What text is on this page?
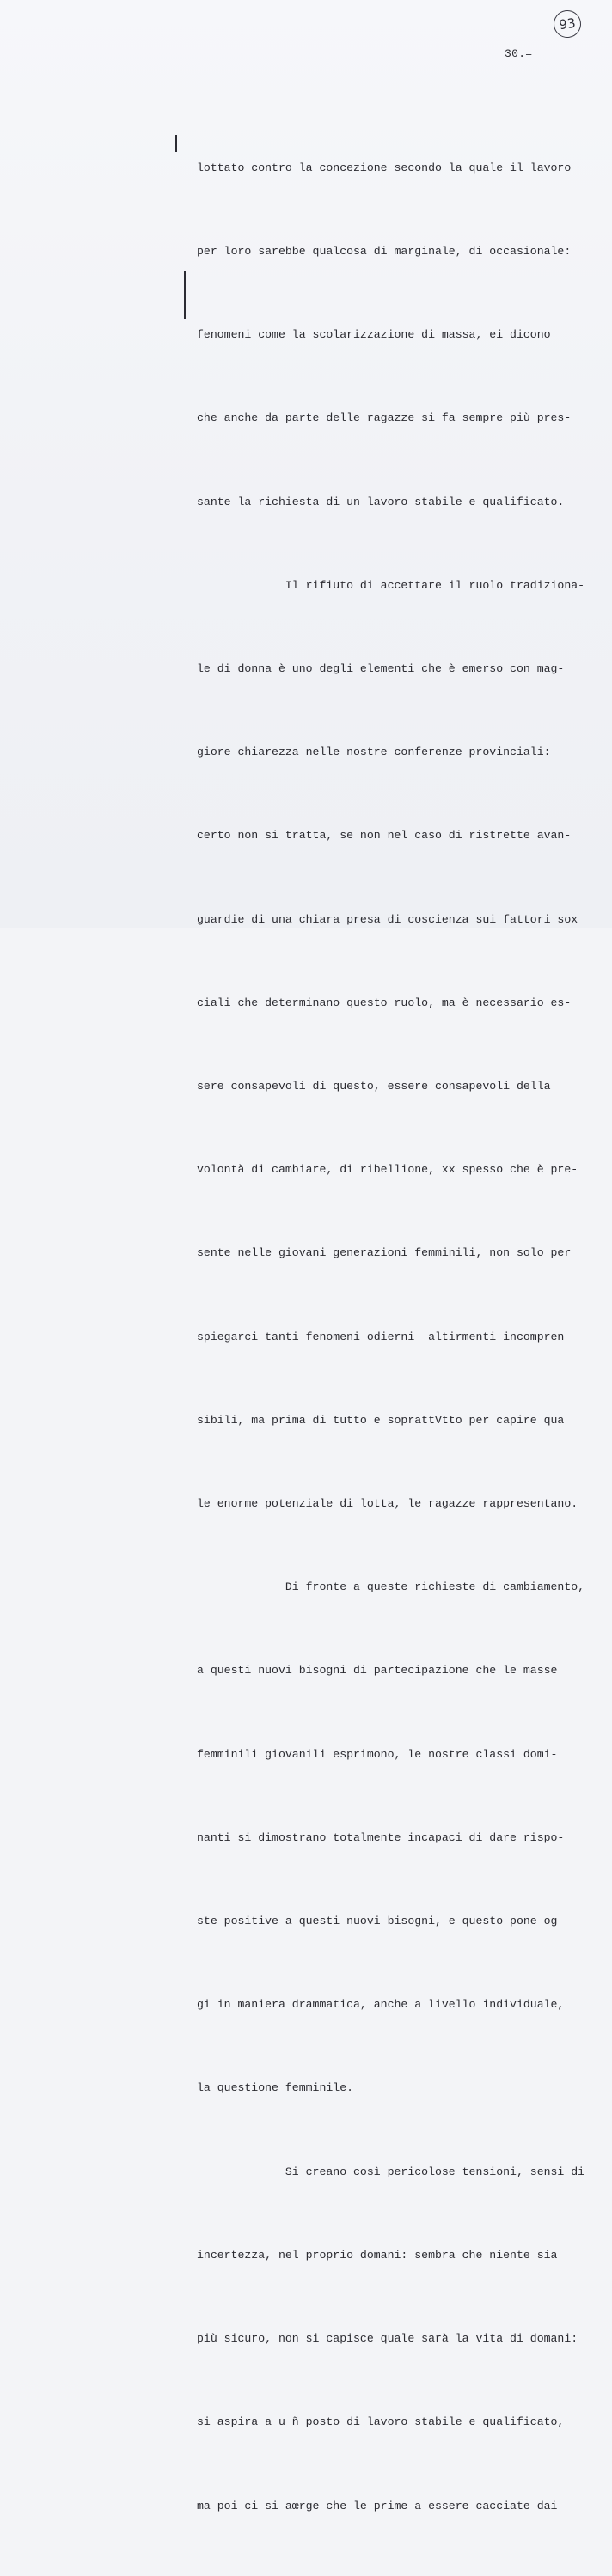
93
30.=

lottato contro la concezione secondo la quale il lavoro

per loro sarebbe qualcosa di marginale, di occasionale:

fenomeni come la scolarizzazione di massa, ei dicono

che anche da parte delle ragazze si fa sempre più pres-

sante la richiesta di un lavoro stabile e qualificato.

Il rifiuto di accettare il ruolo tradiziona-

le di donna è uno degli elementi che è emerso con mag-

giore chiarezza nelle nostre conferenze provinciali:

certo non si tratta, se non nel caso di ristrette avan-

guardie di una chiara presa di coscienza sui fattori sox

ciali che determinano questo ruolo, ma è necessario es-

sere consapevoli di questo, essere consapevoli della

volontà di cambiare, di ribellione, xx spesso che è pre-

sente nelle giovani generazioni femminili, non solo per

spiegarci tanti fenomeni odierni  altirmenti incompren-

sibili, ma prima di tutto e soprattVtto per capire qua

le enorme potenziale di lotta, le ragazze rappresentano.

Di fronte a queste richieste di cambiamento,

a questi nuovi bisogni di partecipazione che le masse

femminili giovanili esprimono, le nostre classi domi-

nanti si dimostrano totalmente incapaci di dare rispo-

ste positive a questi nuovi bisogni, e questo pone og-

gi in maniera drammatica, anche a livello individuale,

la questione femminile.

Si creano così pericolose tensioni, sensi di

incertezza, nel proprio domani: sembra che niente sia

più sicuro, non si capisce quale sarà la vita di domani:

si aspira a u ñ posto di lavoro stabile e qualificato,

ma poi ci si aœrge che le prime a essere cacciate dai
